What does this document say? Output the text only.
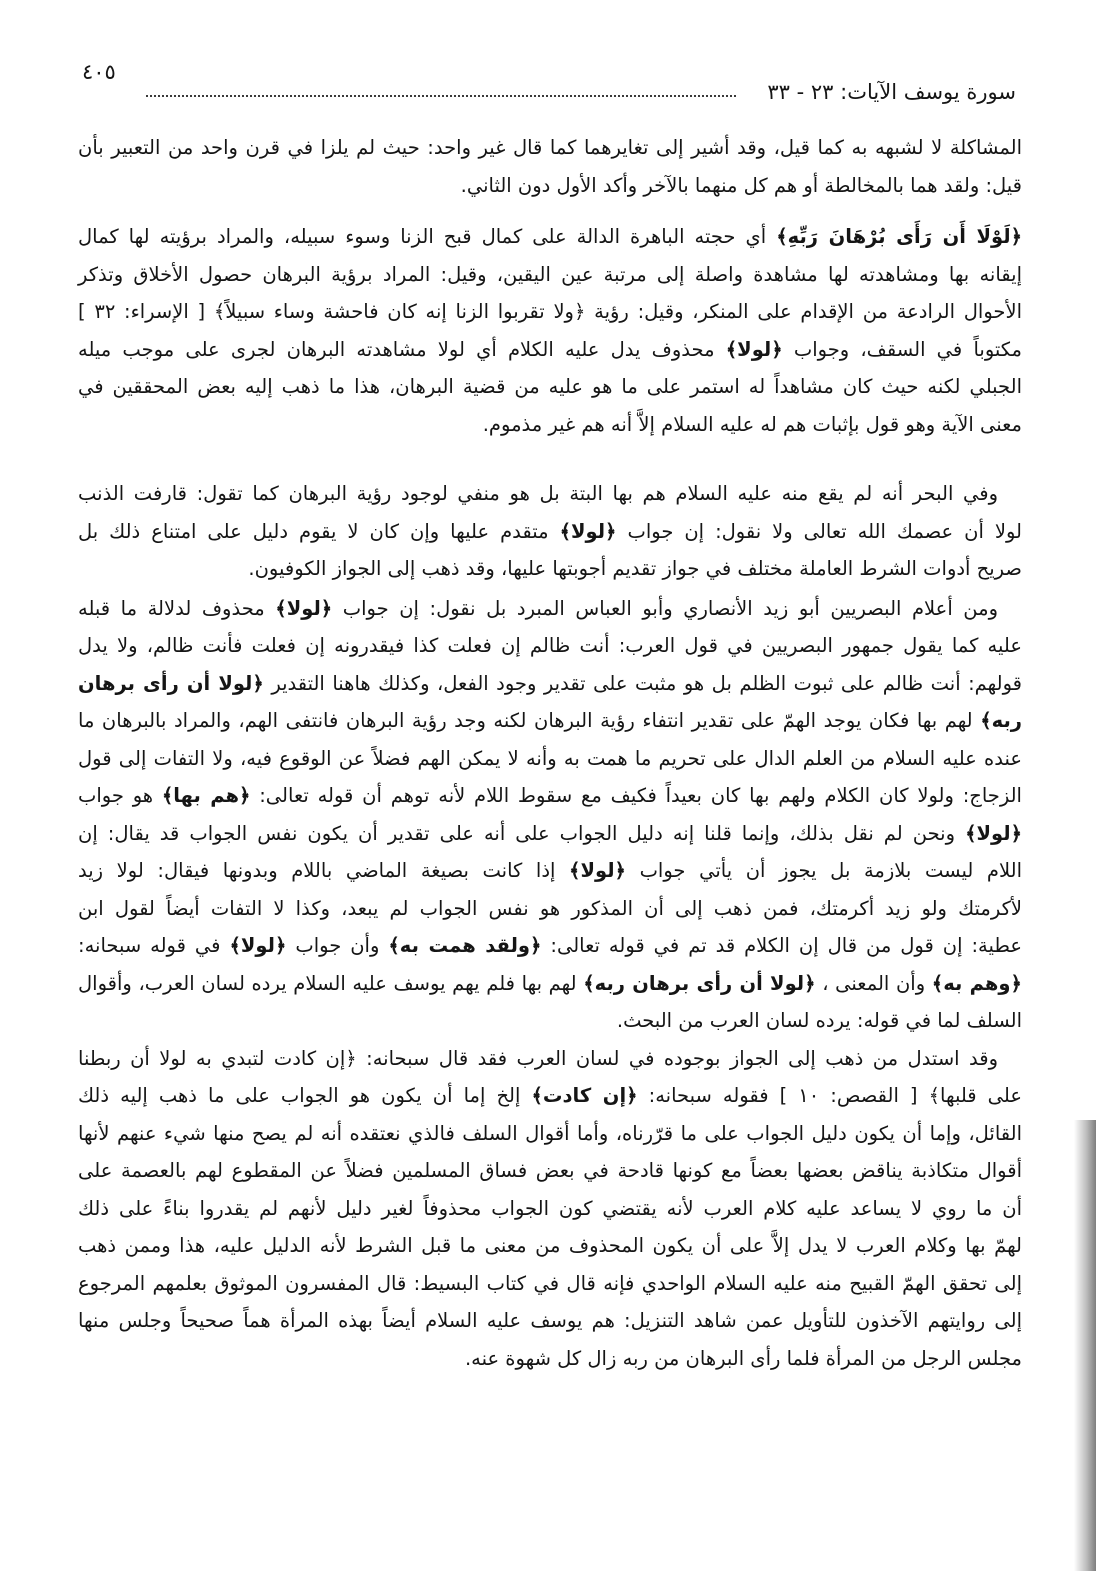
٤٠٥
سورة يوسف الآيات: ٢٣ - ٣٣
المشاكلة لا لشبهه به كما قيل، وقد أشير إلى تغايرهما كما قال غير واحد: حيث لم يلزا في قرن واحد من التعبير بأن
قيل: ولقد هما بالمخالطة أو هم كل منهما بالآخر وأكد الأول دون الثاني.
﴿لَوْلَا أَن رَأَى بُرْهَانَ رَبِّهِ﴾ أي حجته الباهرة الدالة على كمال قبح الزنا وسوء سبيله، والمراد برؤيته لها كمال
إيقانه بها ومشاهدته لها مشاهدة واصلة إلى مرتبة عين اليقين، وقيل: المراد برؤية البرهان حصول الأخلاق وتذكر
الأحوال الرادعة من الإقدام على المنكر، وقيل: رؤية ﴿ولا تقربوا الزنا إنه كان فاحشة وساء سبيلاً﴾ [ الإسراء: ٣٢ ]
مكتوباً في السقف، وجواب ﴿لولا﴾ محذوف يدل عليه الكلام أي لولا مشاهدته البرهان لجرى على موجب ميله
الجبلي لكنه حيث كان مشاهداً له استمر على ما هو عليه من قضية البرهان، هذا ما ذهب إليه بعض المحققين في
معنى الآية وهو قول بإثبات هم له عليه السلام إلاَّ أنه هم غير مذموم.
وفي البحر أنه لم يقع منه عليه السلام هم بها البتة بل هو منفي لوجود رؤية البرهان كما تقول: قارفت الذنب
لولا أن عصمك الله تعالى ولا نقول: إن جواب ﴿لولا﴾ متقدم عليها وإن كان لا يقوم دليل على امتناع ذلك بل
صريح أدوات الشرط العاملة مختلف في جواز تقديم أجوبتها عليها، وقد ذهب إلى الجواز الكوفيون.
ومن أعلام البصريين أبو زيد الأنصاري وأبو العباس المبرد بل نقول: إن جواب ﴿لولا﴾ محذوف لدلالة ما قبله
عليه كما يقول جمهور البصريين في قول العرب: أنت ظالم إن فعلت كذا فيقدرونه إن فعلت فأنت ظالم، ولا يدل
قولهم: أنت ظالم على ثبوت الظلم بل هو مثبت على تقدير وجود الفعل، وكذلك هاهنا التقدير ﴿لولا أن رأى برهان
ربه﴾ لهم بها فكان يوجد الهمّ على تقدير انتفاء رؤية البرهان لكنه وجد رؤية البرهان فانتفى الهم، والمراد بالبرهان ما
عنده عليه السلام من العلم الدال على تحريم ما همت به وأنه لا يمكن الهم فضلاً عن الوقوع فيه، ولا التفات إلى قول
الزجاج: ولولا كان الكلام ولهم بها كان بعيداً فكيف مع سقوط اللام لأنه توهم أن قوله تعالى: ﴿هم بها﴾ هو جواب
﴿لولا﴾ ونحن لم نقل بذلك، وإنما قلنا إنه دليل الجواب على أنه على تقدير أن يكون نفس الجواب قد يقال: إن
اللام ليست بلازمة بل يجوز أن يأتي جواب ﴿لولا﴾ إذا كانت بصيغة الماضي باللام وبدونها فيقال: لولا زيد
لأكرمتك ولو زيد أكرمتك، فمن ذهب إلى أن المذكور هو نفس الجواب لم يبعد، وكذا لا التفات أيضاً لقول ابن
عطية: إن قول من قال إن الكلام قد تم في قوله تعالى: ﴿ولقد همت به﴾ وأن جواب ﴿لولا﴾ في قوله سبحانه:
﴿وهم به﴾ وأن المعنى ، ﴿لولا أن رأى برهان ربه﴾ لهم بها فلم يهم يوسف عليه السلام يرده لسان العرب، وأقوال
السلف لما في قوله: يرده لسان العرب من البحث.
وقد استدل من ذهب إلى الجواز بوجوده في لسان العرب فقد قال سبحانه: ﴿إن كادت لتبدي به لولا أن ربطنا
على قلبها﴾ [ القصص: ١٠ ] فقوله سبحانه: ﴿إن كادت﴾ إلخ إما أن يكون هو الجواب على ما ذهب إليه ذلك
القائل، وإما أن يكون دليل الجواب على ما قرّرناه، وأما أقوال السلف فالذي نعتقده أنه لم يصح منها شيء عنهم لأنها
أقوال متكاذبة يناقض بعضها بعضاً مع كونها قادحة في بعض فساق المسلمين فضلاً عن المقطوع لهم بالعصمة على
أن ما روي لا يساعد عليه كلام العرب لأنه يقتضي كون الجواب محذوفاً لغير دليل لأنهم لم يقدروا بناءً على ذلك
لهمّ بها وكلام العرب لا يدل إلاَّ على أن يكون المحذوف من معنى ما قبل الشرط لأنه الدليل عليه، هذا وممن ذهب
إلى تحقق الهمّ القبيح منه عليه السلام الواحدي فإنه قال في كتاب البسيط: قال المفسرون الموثوق بعلمهم المرجوع
إلى روايتهم الآخذون للتأويل عمن شاهد التنزيل: هم يوسف عليه السلام أيضاً بهذه المرأة هماً صحيحاً وجلس منها
مجلس الرجل من المرأة فلما رأى البرهان من ربه زال كل شهوة عنه.
